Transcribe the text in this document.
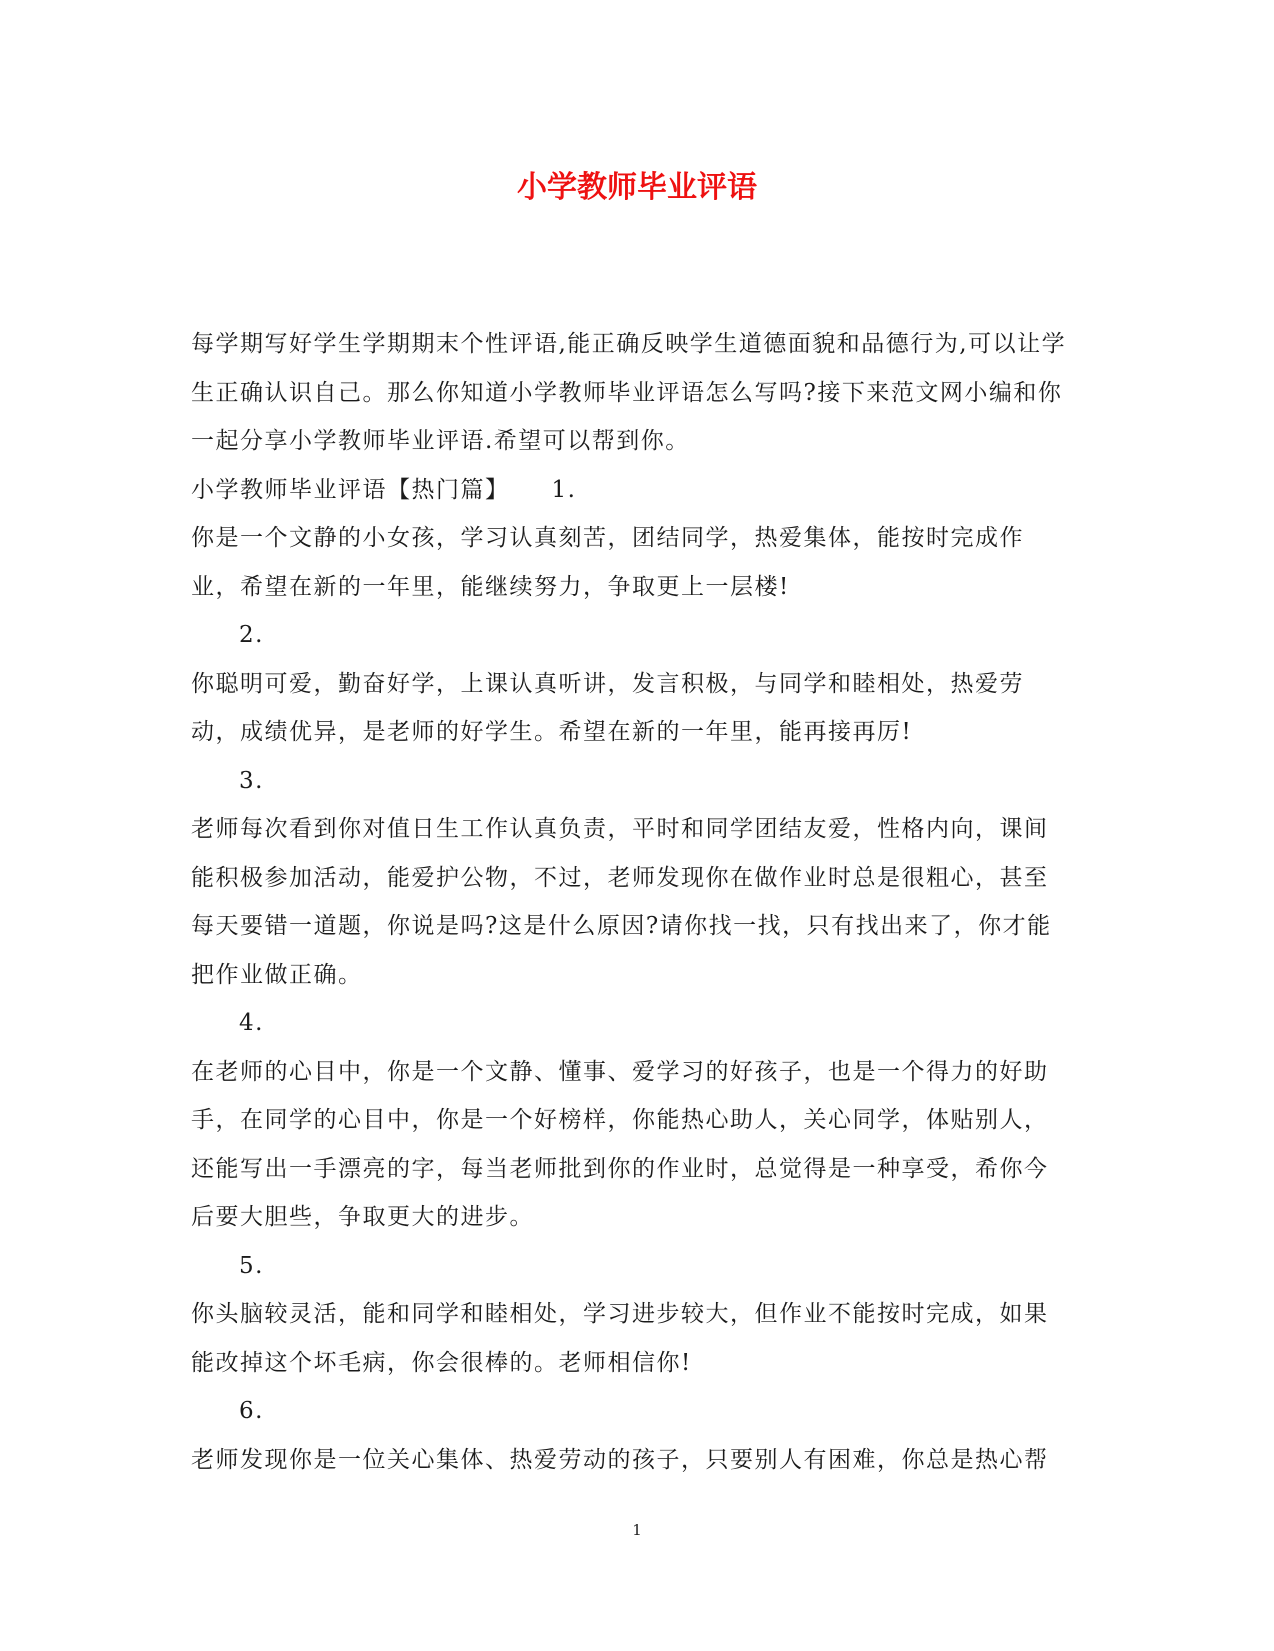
小学教师毕业评语

每学期写好学生学期期末个性评语,能正确反映学生道德面貌和品德行为,可以让学生正确认识自己。那么你知道小学教师毕业评语怎么写吗?接下来范文网小编和你一起分享小学教师毕业评语.希望可以帮到你。

小学教师毕业评语【热门篇】 1.

你是一个文静的小女孩，学习认真刻苦，团结同学，热爱集体，能按时完成作业，希望在新的一年里，能继续努力，争取更上一层楼!

2.

你聪明可爱，勤奋好学，上课认真听讲，发言积极，与同学和睦相处，热爱劳动，成绩优异，是老师的好学生。希望在新的一年里，能再接再厉!

3.

老师每次看到你对值日生工作认真负责，平时和同学团结友爱，性格内向，课间能积极参加活动，能爱护公物，不过，老师发现你在做作业时总是很粗心，甚至每天要错一道题，你说是吗?这是什么原因?请你找一找，只有找出来了，你才能把作业做正确。

4.

在老师的心目中，你是一个文静、懂事、爱学习的好孩子，也是一个得力的好助手，在同学的心目中，你是一个好榜样，你能热心助人，关心同学，体贴别人，还能写出一手漂亮的字，每当老师批到你的作业时，总觉得是一种享受，希你今后要大胆些，争取更大的进步。

5.

你头脑较灵活，能和同学和睦相处，学习进步较大，但作业不能按时完成，如果能改掉这个坏毛病，你会很棒的。老师相信你!

6.

老师发现你是一位关心集体、热爱劳动的孩子，只要别人有困难，你总是热心帮

1
